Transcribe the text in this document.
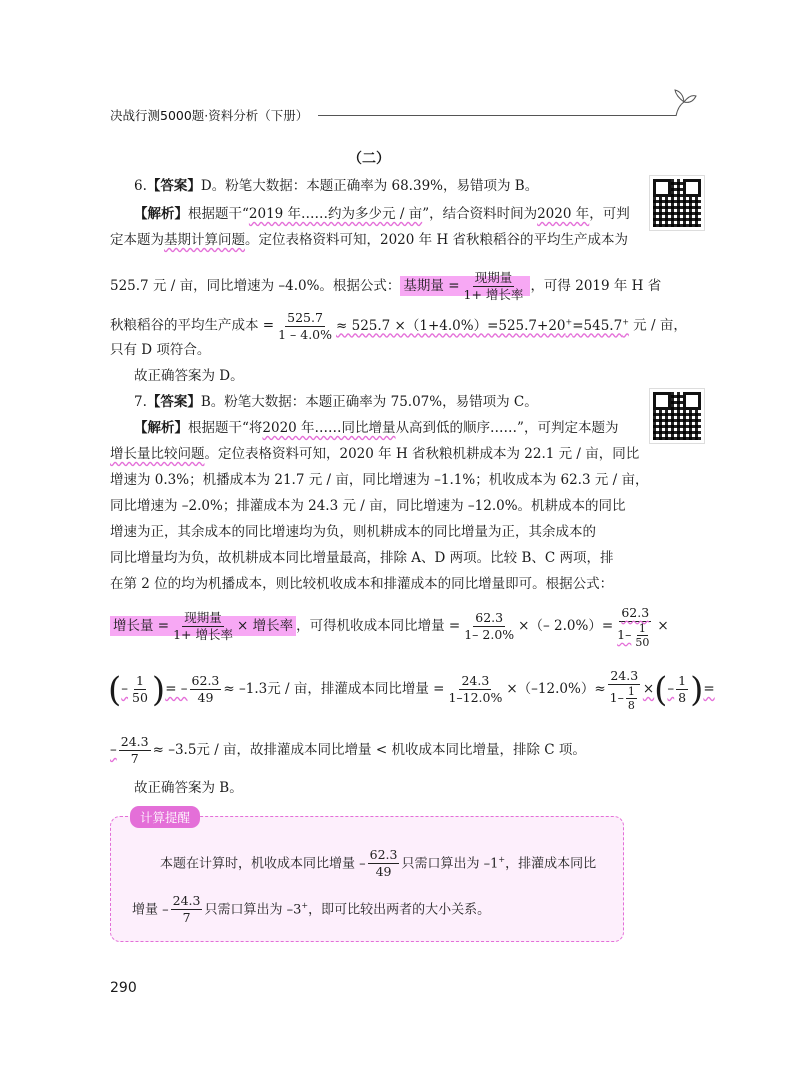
决战行测5000题·资料分析（下册）
（二）
6.【答案】D。粉笔大数据：本题正确率为 68.39%，易错项为 B。
【解析】根据题干“2019 年……约为多少元 / 亩”，结合资料时间为2020 年，可判
定本题为基期计算问题。定位表格资料可知，2020 年 H 省秋粮稻谷的平均生产成本为
525.7 元 / 亩，同比增速为 –4.0%。根据公式： 基期量 = $\frac{\text{现期量}}{\text{1+ 增长率}}$ ，可得 2019 年 H 省
秋粮稻谷的平均生产成本 = $\frac{525.7}{1 - 4.0\%} \approx 525.7 \times(1+4.0\%)=525.7+20^+=545.7^+$ 元 / 亩，
只有 D 项符合。
故正确答案为 D。
7.【答案】B。粉笔大数据：本题正确率为 75.07%，易错项为 C。
【解析】根据题干“将2020 年……同比增量从高到低的顺序……”，可判定本题为
增长量比较问题。定位表格资料可知，2020 年 H 省秋粮机耕成本为 22.1 元 / 亩，同比
增速为 0.3%；机播成本为 21.7 元 / 亩，同比增速为 –1.1%；机收成本为 62.3 元 / 亩，
同比增速为 –2.0%；排灌成本为 24.3 元 / 亩，同比增速为 –12.0%。机耕成本的同比
增速为正，其余成本的同比增速均为负，则机耕成本的同比增量为正，其余成本的
同比增量均为负，故机耕成本同比增量最高，排除 A、D 两项。比较 B、C 两项，排
在第 2 位的均为机播成本，则比较机收成本和排灌成本的同比增量即可。根据公式：
增长量 = $\frac{\text{现期量}}{\text{1+ 增长率}}$ × 增长率 ，可得机收成本同比增量 = $\frac{62.3}{1- 2.0\%}$ ×（– $2.0\%)= \frac{62.3}{1- \frac{1}{50}}$ ×
(– $\frac{1}{50}$ )= – $\frac{62.3}{49} \approx -1.3$元 / 亩，排灌成本同比增量 = $\frac{24.3}{1-12.0\%} \times(-12.0\%)\approx \frac{24.3}{1- \frac{1}{8}}$ ×(– $\frac{1}{8}$ )=
– $\frac{24.3}{7} \approx -3.5$元 / 亩，故排灌成本同比增量 < 机收成本同比增量，排除 C 项。
故正确答案为 B。
计算提醒
本题在计算时，机收成本同比增量 – $\frac{62.3}{49}$ 只需口算出为 –1+，排灌成本同比
增量 – $\frac{24.3}{7}$ 只需口算出为 –3+，即可比较出两者的大小关系。
290
